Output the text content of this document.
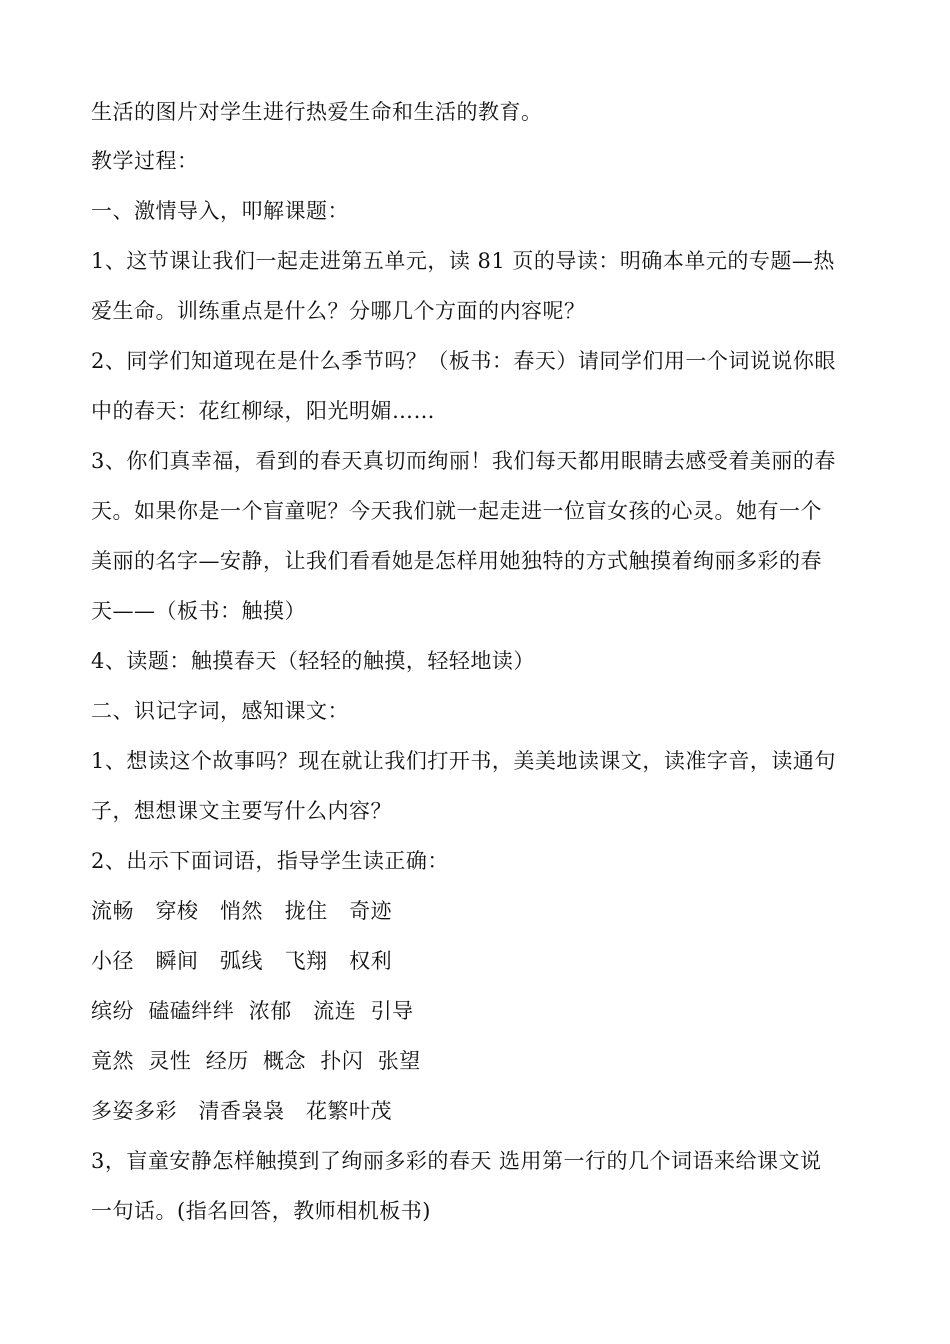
生活的图片对学生进行热爱生命和生活的教育。
教学过程：
一、激情导入，叩解课题：
1、这节课让我们一起走进第五单元，读 81 页的导读：明确本单元的专题—热
爱生命。训练重点是什么？分哪几个方面的内容呢？
2、同学们知道现在是什么季节吗？（板书：春天）请同学们用一个词说说你眼
中的春天：花红柳绿，阳光明媚……
3、你们真幸福，看到的春天真切而绚丽！我们每天都用眼睛去感受着美丽的春
天。如果你是一个盲童呢？今天我们就一起走进一位盲女孩的心灵。她有一个
美丽的名字—安静，让我们看看她是怎样用她独特的方式触摸着绚丽多彩的春
天——（板书：触摸）
4、读题：触摸春天（轻轻的触摸，轻轻地读）
二、识记字词，感知课文：
1、想读这个故事吗？现在就让我们打开书，美美地读课文，读准字音，读通句
子，想想课文主要写什么内容？
2、出示下面词语，指导学生读正确：
流畅   穿梭   悄然   拢住   奇迹
小径   瞬间   弧线   飞翔   权利
缤纷  磕磕绊绊  浓郁   流连  引导
竟然  灵性  经历  概念  扑闪  张望
多姿多彩   清香袅袅   花繁叶茂
3，盲童安静怎样触摸到了绚丽多彩的春天 选用第一行的几个词语来给课文说
一句话。(指名回答，教师相机板书)
